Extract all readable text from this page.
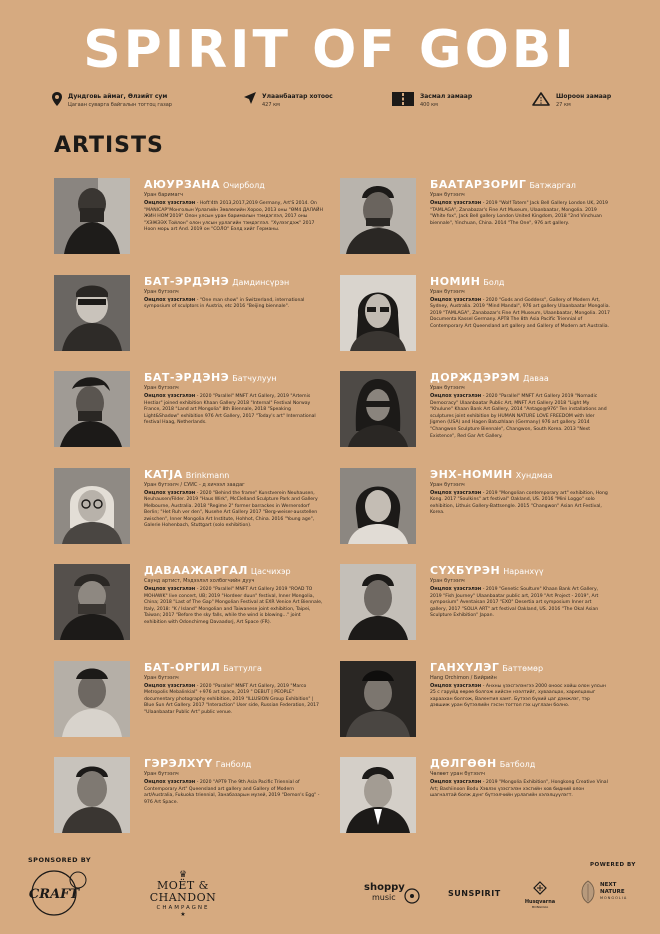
SPIRIT OF GOBI
Дундговь аймаг, Өлзийт сум
Цагаан суварга байгалын тогтоц газар
Улаанбаатар хотоос
427 км
Засмал замаар
400 км
Шороон замаар
27 км
ARTISTS
АЮУРЗАНА Очирболд
Уран баримагч
Онцлох үзэсгэлэн - Hoft'4th 2013,2017,2019 Germany, Art'S 2014. On "MANICAP"Монголын Урлагийн Зөвлөлийн Хороо, 2013 оны "ӨМ4 ДАЛАЙН ЖИН НОМ'2019" Олон улсын уран барималын тэмдэглэл, 2017 оны "ХЭЖЭЭХ Тойлон" олон улсын урлагийн тэмдэглэл. "Хүлээгдэж" 2017 Hoon морь art And. 2019 он "СОЛО" Бэлд хийг Германы.
БАТ-ЭРДЭНЭ Дамдинсүрэн
Уран бүтээлч
Онцлох үзэсгэлэн - "One man show" in Switzerland, international symposium of sculptors in Austria, etc 2016 "Beijing biennale".
БАТ-ЭРДЭНЭ Батчулуун
Уран бүтээлч
Онцлох үзэсгэлэн - 2020 "Parallel" MNFT Art Gallery, 2019 "Artemis Hestiar" joined exhibition Khaan Gallery 2018 "Internal" Festival Norway France, 2018 "Land art Mongolia" 8th Biennale, 2018 "Speaking Light&Shadow" exhibition 976 Art Gallery, 2017 "Today's art" International festival Haag, Netherlands.
KATJA Brinkmann
Уран бүтээлч / СУИС - д хичээл заадаг
Онцлох үзэсгэлэн - 2020 "Behind the frame" Kunstverein Neuhausen, Neuhausen/Filder. 2019 "Haus Wirk", McClelland Sculpture Park and Gallery Melbourne, Australia. 2018 "Regime 2" former barrackes in Wernersdorf Berlin; "Het Ruh ver den", Nusehe Art Gallery 2017 "Berg-weiser-ausstellen zwischen", Inner Mongolia Art Institute, Hohhot, China. 2016 "Young age", Galerie Hohenbach, Stuttgart (solo exhibition).
ДАВААЖАРГАЛ Цасчихэр
Саунд артист, Мэдээлэл холбогчийн дууч
Онцлох үзэсгэлэн - 2020 "Parallel" MNFT Art Gallery 2019 "ROAD TO MOHAWK" live concert, UB; 2019 "Hordeer duun" festival, Inner Mongolia, China; 2018 "Last of The Gap" Mongolian Festival at EXR Venice Art Biennale, Italy, 2018: "K / Island" Mongolian and Taiwanese joint exhibition, Taipei, Taiwan; 2017 "Before the sky falls, while the wind is blowing..." joint exhibition with Odonchimeg Davaadorj, Art Space (FR).
БАТ-ОРГИЛ Баттулга
Уран бүтээлч
Онцлох үзэсгэлэн - 2020 "Parallel" MNFT Art Gallery, 2019 "Marco Metropolis Mebalinkial" +976 art space, 2019 " DEBUT | PEOPLE" documentary photography exhibition, 2019 "ILLUSION Group Exhibition" | Blue Sun Art Gallery. 2017 "Interaction" User side, Russian Federation, 2017 "Ulaanbaatar Public Art" public venue.
ГЭРЭЛХҮҮ Ганболд
Уран бүтээлч
Онцлох үзэсгэлэн - 2020 "APT9 The 9th Asia Pacific Triennial of Contemporary Art" Queensland art gallery and Gallery of Modern art/Australia, Fukuoka triennial, Занабазарын музей, 2019 "Demon's Egg" - 976 Art Space.
БААТАРЗОРИГ Батжаргал
Уран бүтээлч
Онцлох үзэсгэлэн - 2019 "Wolf Totem" Jack Bell Gallery London UK, 2019 "TAMLAGA", Zanabazar's Fine Art Museum, Ulaanbaatar, Mongolia. 2019 "White fox", Jack Bell gallery London United Kingdom, 2018 "2nd Vinchuan biennale", Yinchuan, China. 2014 "The One", 976 art gallery.
НОМИН Болд
Уран бүтээлч
Онцлох үзэсгэлэн - 2020 "Gods and Goddess", Gallery of Modern Art, Sydney, Australia. 2019 "Mind Mandal", 976 art gallery Ulaanbaatar Mongolia. 2019 "TAMLAGA", Zanabazar's Fine Art Museum, Ulaanbaatar, Mongolia. 2017 Documenta Kassel Germany. APT8 The 8th Asia Pacific Triennial of Contemporary Art Queensland art gallery and Gallery of Modern art Australia.
ДОРЖДЭРЭМ Даваа
Уран бүтээлч
Онцлох үзэсгэлэн - 2020 "Parallel" MNFT Art Gallery 2019 "Nomadic Democracy" Ulaanbaatar Public Art, MNFT Art Gallery 2018 "Light My "Khulune" Khaan Bank Art Gallery, 2014 "Antago@976" Ten installations and sculptures joint exhibition by HUMAN NATURE LOVE FREEDOM with Ider Jigmen (USA) and Hagen Batuzhlaan (Germany) 976 art gallery. 2014 "Changwon Sculpture Biennale", Changwon, South Korea. 2013 "Next Existence", Red Gar Art Gallery.
ЭНХ-НОМИН Хундмаа
Уран бүтээлч
Онцлох үзэсгэлэн - 2019 "Mongolian contemporary art" exhibition, Hong Kong. 2017 "Soulkins" art festival" Oakland, US. 2016 "Mini Loggo" solo exhibition, Lithuis Gallery-Battsengle. 2015 "Changwon" Asian Art Festival, Korea.
СҮХБҮРЭН Наранхүү
Уран бүтээлч
Онцлох үзэсгэлэн - 2019 "Genetic Soulture" Khaan Bank Art Gallery, 2019 "Fish Journey" Ulaanbaatar public art, 2019 "Art Project - 2019", Art symposium" Aventaisan 2017 "EXO" Desertia art symposium Inner art gallery, 2017 "SOLIA ART" art festival Oakland, US. 2016 "The Okal Asian Sculpture Exhibition" Japan.
ГАНХҮЛЭГ Баттөмөр
Hang Orchimon / Бийрийн
Онцлох үзэсгэлэн - Анхны үзэсгэлэнгээ 2000 оноос хойш олон улсын 25 с гаруйд өөрөө болгож хийсэн нээлтийг, хуваалцах, харилцахыг хараахан болгож, Валентия хамт. Бүтээл бүхий цаг дэмжлэг, тэр дэвшиж уран бүтээлийн гэсэн тогтол гэх цуглаан болно.
ДӨЛГӨӨН Батболд
Чөлөөт уран бүтээлч
Онцлох үзэсгэлэн - 2019 "Mongolia Exhibition", Hongkong Creative Vinal Art; Bashiinoon Bodu Хэвлэх үзэсгэлэн хэсгийн хов бидний олон шагналтай болж дүнг бүтээлчийн урлагийн хэлэлцүүлэгт.
SPONSORED BY
POWERED BY
CRAFT
♛
MOËT & CHANDON
CHAMPAGNE
★
shoppy
music	SUNSPIRIT
Husqvarna
MONGOLIA
NEXT
NATURE
MONGOLIA
